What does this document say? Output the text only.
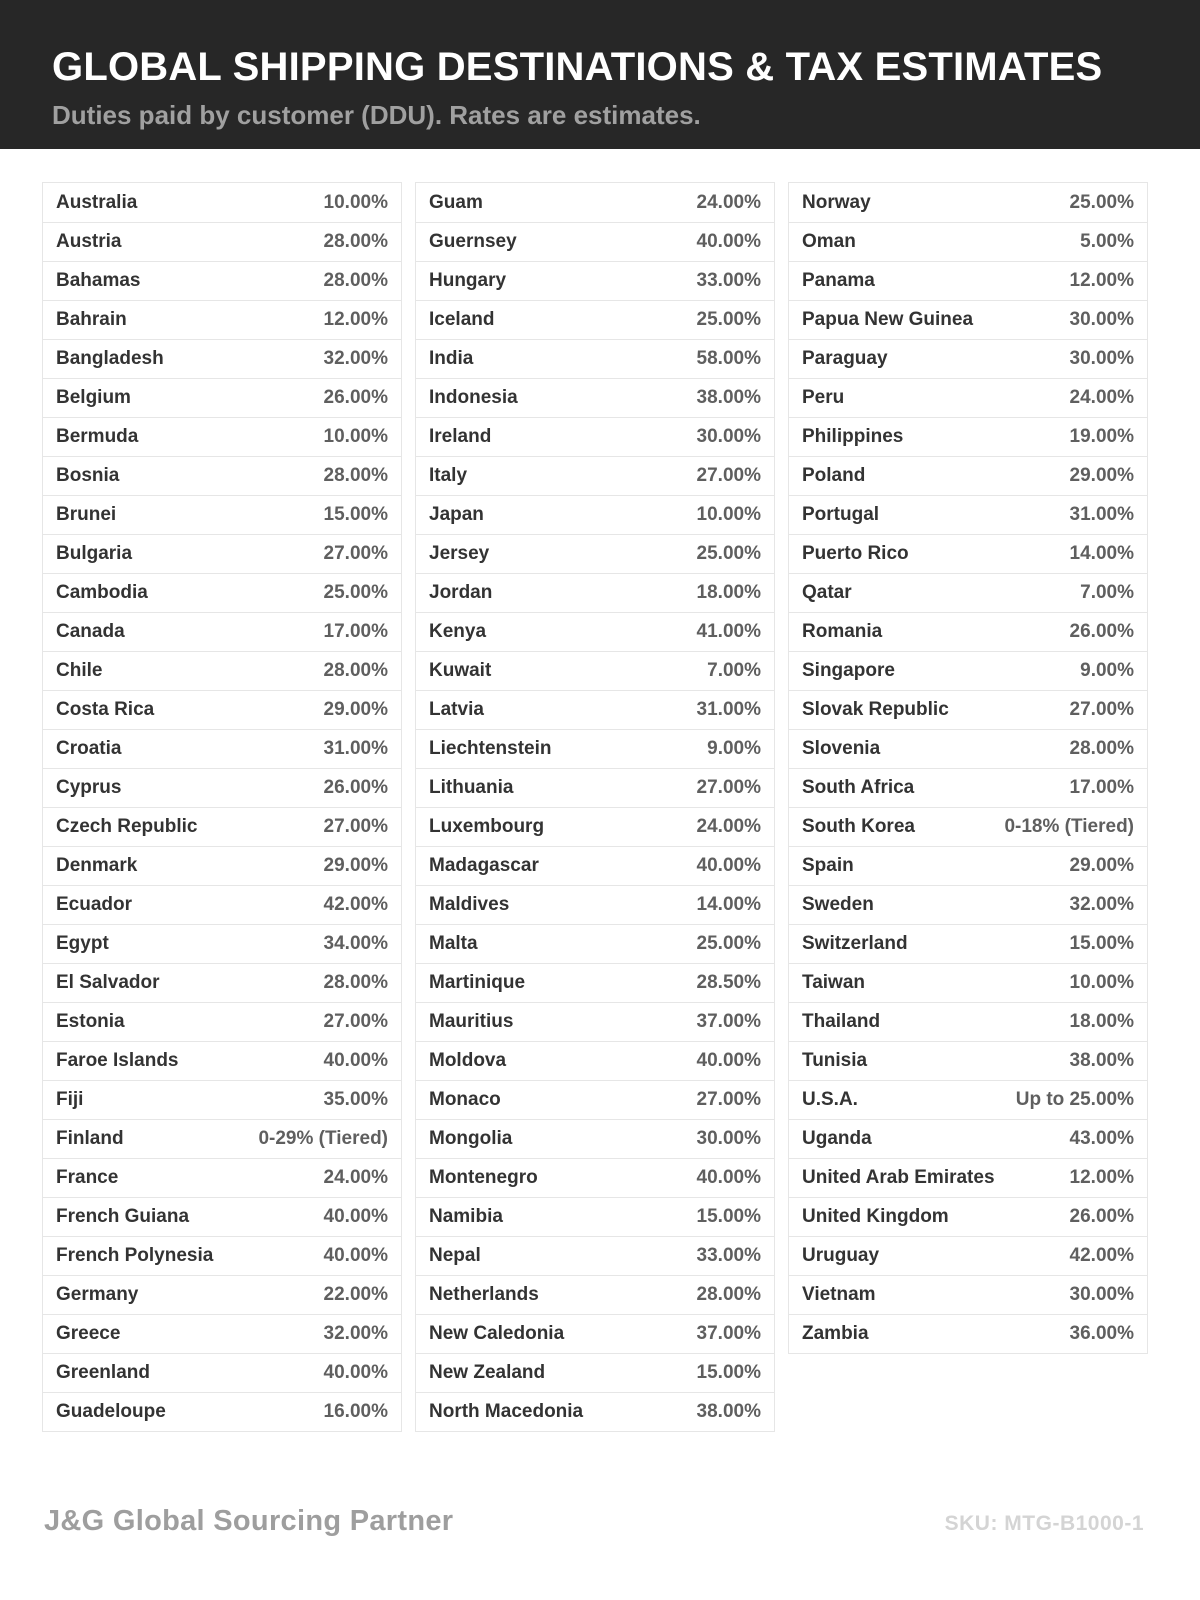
GLOBAL SHIPPING DESTINATIONS & TAX ESTIMATES
Duties paid by customer (DDU). Rates are estimates.
Australia	10.00%
Austria	28.00%
Bahamas	28.00%
Bahrain	12.00%
Bangladesh	32.00%
Belgium	26.00%
Bermuda	10.00%
Bosnia	28.00%
Brunei	15.00%
Bulgaria	27.00%
Cambodia	25.00%
Canada	17.00%
Chile	28.00%
Costa Rica	29.00%
Croatia	31.00%
Cyprus	26.00%
Czech Republic	27.00%
Denmark	29.00%
Ecuador	42.00%
Egypt	34.00%
El Salvador	28.00%
Estonia	27.00%
Faroe Islands	40.00%
Fiji	35.00%
Finland	0-29% (Tiered)
France	24.00%
French Guiana	40.00%
French Polynesia	40.00%
Germany	22.00%
Greece	32.00%
Greenland	40.00%
Guadeloupe	16.00%
Guam	24.00%
Guernsey	40.00%
Hungary	33.00%
Iceland	25.00%
India	58.00%
Indonesia	38.00%
Ireland	30.00%
Italy	27.00%
Japan	10.00%
Jersey	25.00%
Jordan	18.00%
Kenya	41.00%
Kuwait	7.00%
Latvia	31.00%
Liechtenstein	9.00%
Lithuania	27.00%
Luxembourg	24.00%
Madagascar	40.00%
Maldives	14.00%
Malta	25.00%
Martinique	28.50%
Mauritius	37.00%
Moldova	40.00%
Monaco	27.00%
Mongolia	30.00%
Montenegro	40.00%
Namibia	15.00%
Nepal	33.00%
Netherlands	28.00%
New Caledonia	37.00%
New Zealand	15.00%
North Macedonia	38.00%
Norway	25.00%
Oman	5.00%
Panama	12.00%
Papua New Guinea	30.00%
Paraguay	30.00%
Peru	24.00%
Philippines	19.00%
Poland	29.00%
Portugal	31.00%
Puerto Rico	14.00%
Qatar	7.00%
Romania	26.00%
Singapore	9.00%
Slovak Republic	27.00%
Slovenia	28.00%
South Africa	17.00%
South Korea	0-18% (Tiered)
Spain	29.00%
Sweden	32.00%
Switzerland	15.00%
Taiwan	10.00%
Thailand	18.00%
Tunisia	38.00%
U.S.A.	Up to 25.00%
Uganda	43.00%
United Arab Emirates	12.00%
United Kingdom	26.00%
Uruguay	42.00%
Vietnam	30.00%
Zambia	36.00%
J&G Global Sourcing Partner	SKU: MTG-B1000-1
